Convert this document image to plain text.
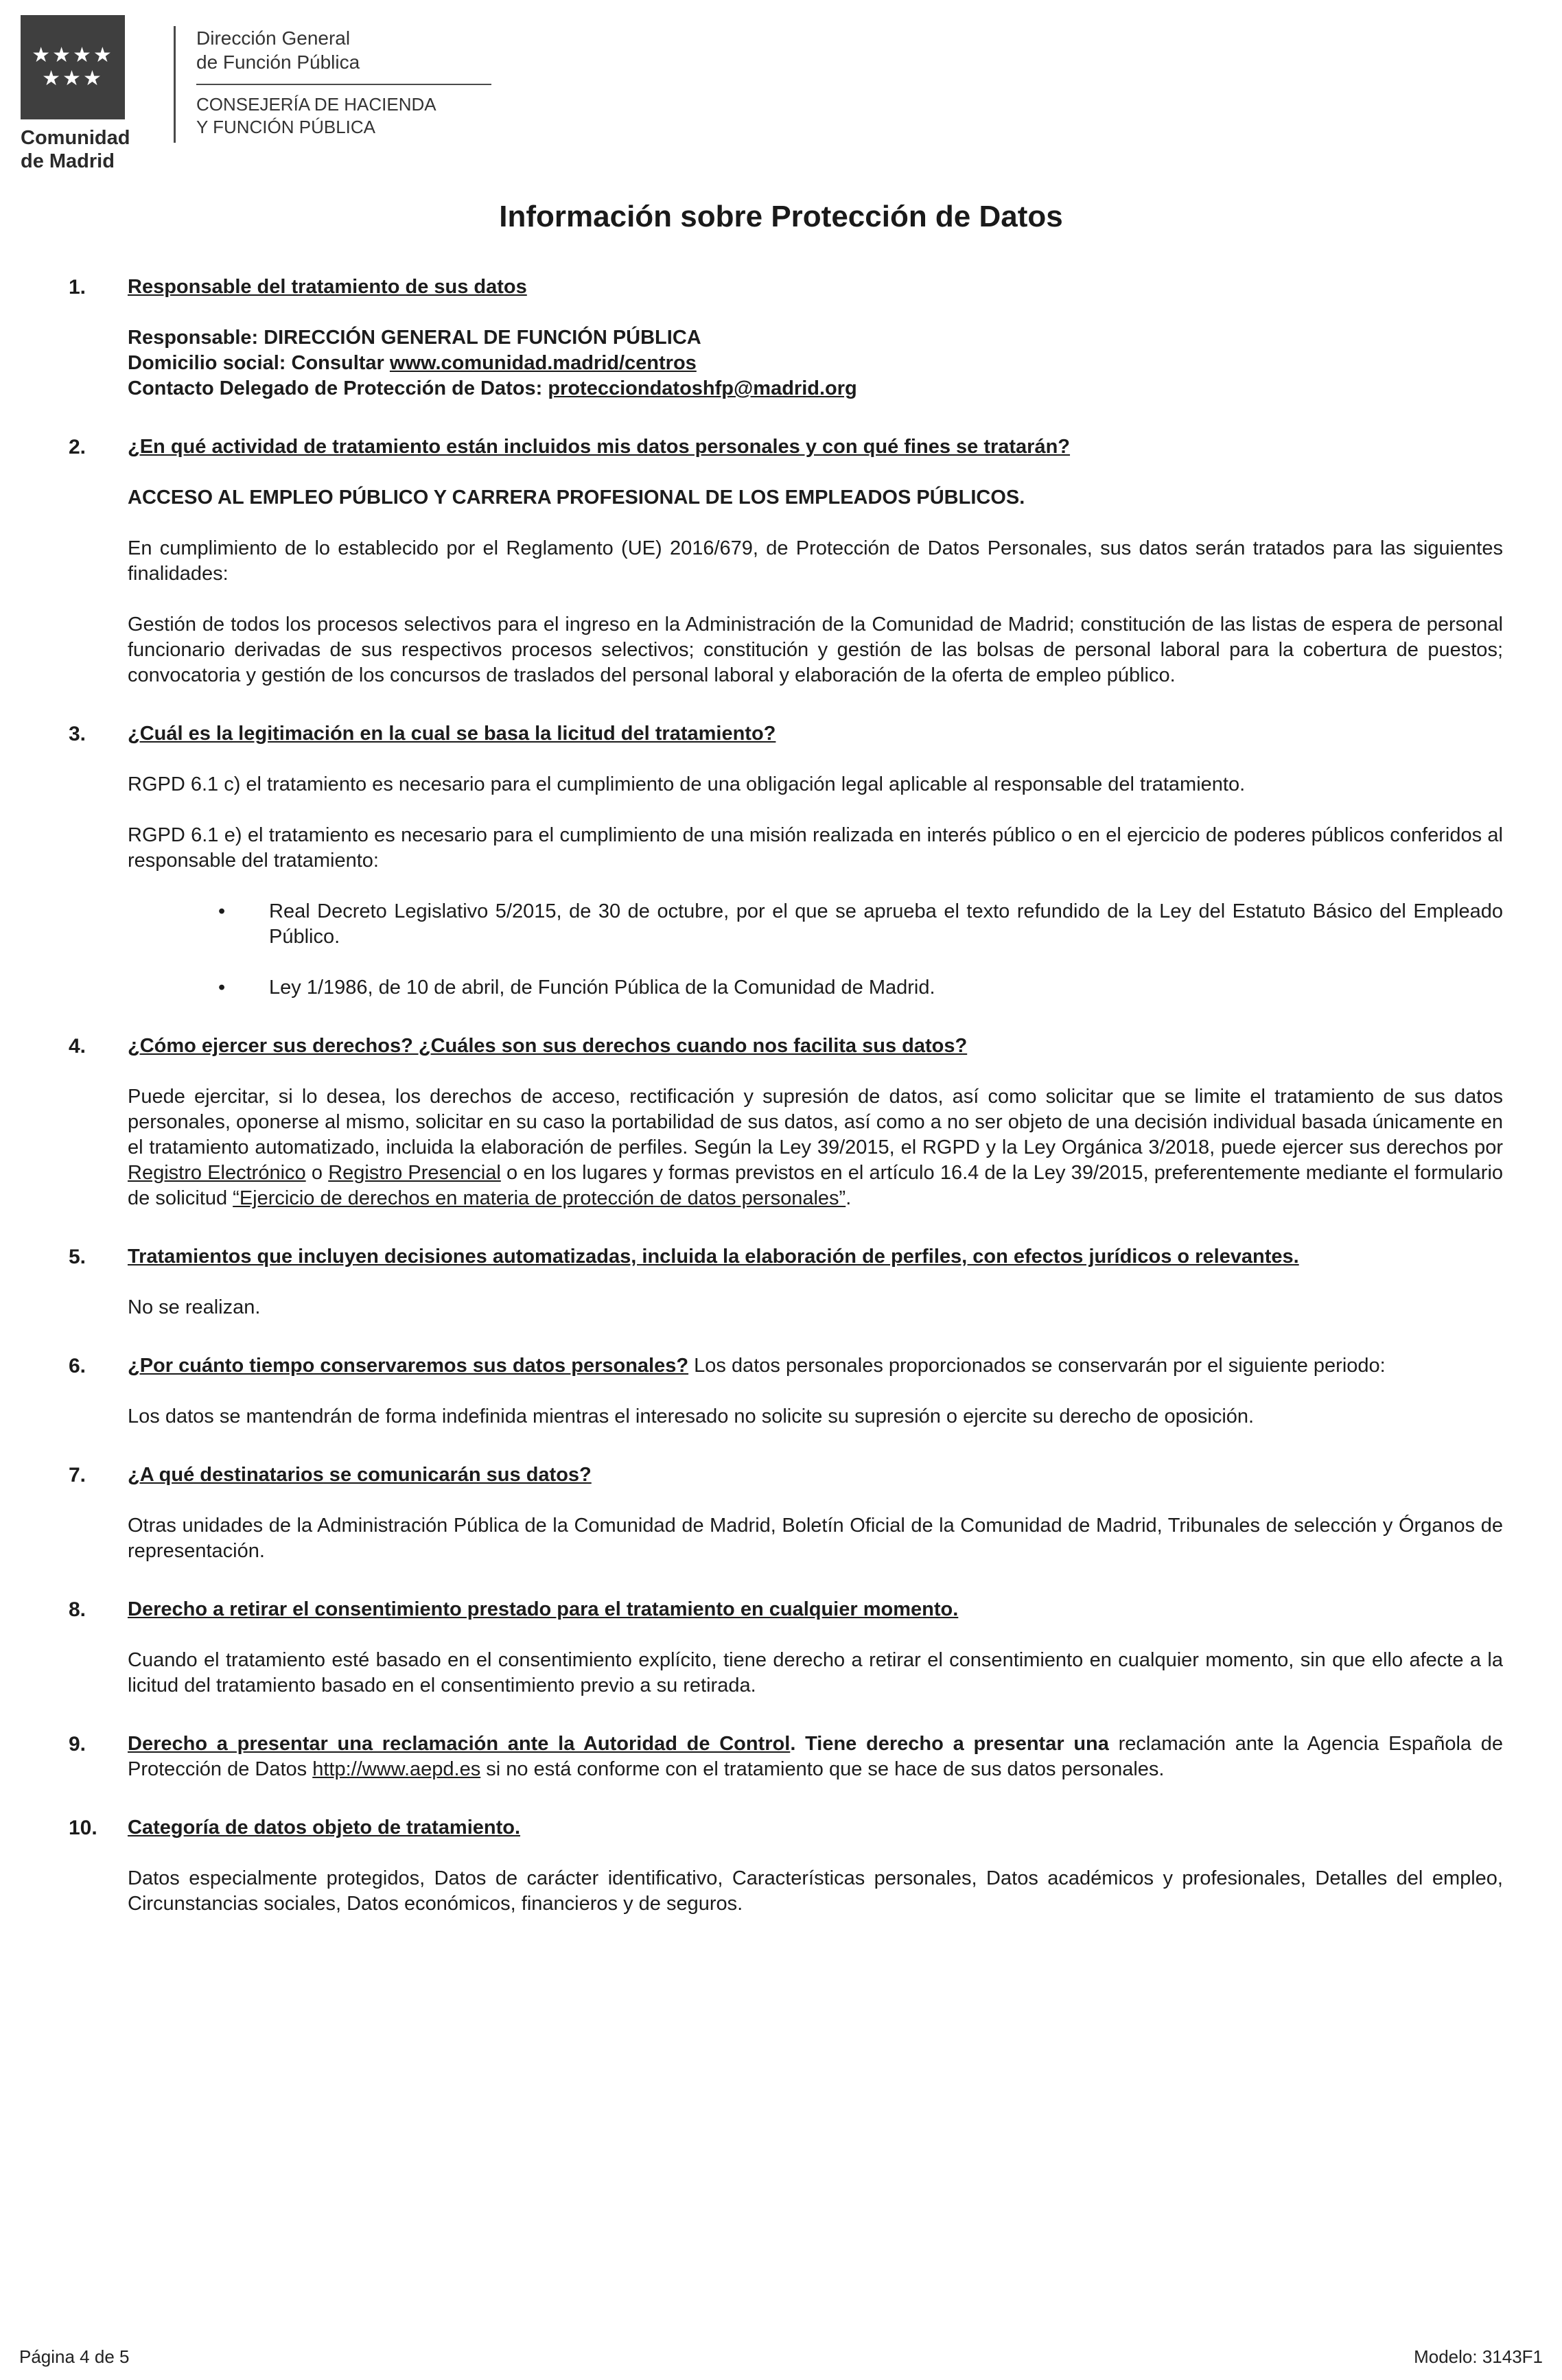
★★★★
★★★
Comunidad
de Madrid
Dirección General
de Función Pública
CONSEJERÍA DE HACIENDA
Y FUNCIÓN PÚBLICA
Información sobre Protección de Datos
1.	Responsable del tratamiento de sus datos
Responsable: DIRECCIÓN GENERAL DE FUNCIÓN PÚBLICA
Domicilio social: Consultar www.comunidad.madrid/centros
Contacto Delegado de Protección de Datos: protecciondatoshfp@madrid.org
2.	¿En qué actividad de tratamiento están incluidos mis datos personales y con qué fines se tratarán?
ACCESO AL EMPLEO PÚBLICO Y CARRERA PROFESIONAL DE LOS EMPLEADOS PÚBLICOS.
En cumplimiento de lo establecido por el Reglamento (UE) 2016/679, de Protección de Datos Personales, sus datos serán tratados para las siguientes finalidades:
Gestión de todos los procesos selectivos para el ingreso en la Administración de la Comunidad de Madrid; constitución de las listas de espera de personal funcionario derivadas de sus respectivos procesos selectivos; constitución y gestión de las bolsas de personal laboral para la cobertura de puestos; convocatoria y gestión de los concursos de traslados del personal laboral y elaboración de la oferta de empleo público.
3.	¿Cuál es la legitimación en la cual se basa la licitud del tratamiento?
RGPD 6.1 c) el tratamiento es necesario para el cumplimiento de una obligación legal aplicable al responsable del tratamiento.
RGPD 6.1 e) el tratamiento es necesario para el cumplimiento de una misión realizada en interés público o en el ejercicio de poderes públicos conferidos al responsable del tratamiento:
•	Real Decreto Legislativo 5/2015, de 30 de octubre, por el que se aprueba el texto refundido de la Ley del Estatuto Básico del Empleado Público.
•	Ley 1/1986, de 10 de abril, de Función Pública de la Comunidad de Madrid.
4.	¿Cómo ejercer sus derechos? ¿Cuáles son sus derechos cuando nos facilita sus datos?
Puede ejercitar, si lo desea, los derechos de acceso, rectificación y supresión de datos, así como solicitar que se limite el tratamiento de sus datos personales, oponerse al mismo, solicitar en su caso la portabilidad de sus datos, así como a no ser objeto de una decisión individual basada únicamente en el tratamiento automatizado, incluida la elaboración de perfiles. Según la Ley 39/2015, el RGPD y la Ley Orgánica 3/2018, puede ejercer sus derechos por Registro Electrónico o Registro Presencial o en los lugares y formas previstos en el artículo 16.4 de la Ley 39/2015, preferentemente mediante el formulario de solicitud “Ejercicio de derechos en materia de protección de datos personales”.
5.	Tratamientos que incluyen decisiones automatizadas, incluida la elaboración de perfiles, con efectos jurídicos o relevantes.
No se realizan.
6.	¿Por cuánto tiempo conservaremos sus datos personales? Los datos personales proporcionados se conservarán por el siguiente periodo:
Los datos se mantendrán de forma indefinida mientras el interesado no solicite su supresión o ejercite su derecho de oposición.
7.	¿A qué destinatarios se comunicarán sus datos?
Otras unidades de la Administración Pública de la Comunidad de Madrid, Boletín Oficial de la Comunidad de Madrid, Tribunales de selección y Órganos de representación.
8.	Derecho a retirar el consentimiento prestado para el tratamiento en cualquier momento.
Cuando el tratamiento esté basado en el consentimiento explícito, tiene derecho a retirar el consentimiento en cualquier momento, sin que ello afecte a la licitud del tratamiento basado en el consentimiento previo a su retirada.
9.	Derecho a presentar una reclamación ante la Autoridad de Control. Tiene derecho a presentar una reclamación ante la Agencia Española de Protección de Datos http://www.aepd.es si no está conforme con el tratamiento que se hace de sus datos personales.
10.	Categoría de datos objeto de tratamiento.
Datos especialmente protegidos, Datos de carácter identificativo, Características personales, Datos académicos y profesionales, Detalles del empleo, Circunstancias sociales, Datos económicos, financieros y de seguros.
Página 4 de 5	Modelo: 3143F1
